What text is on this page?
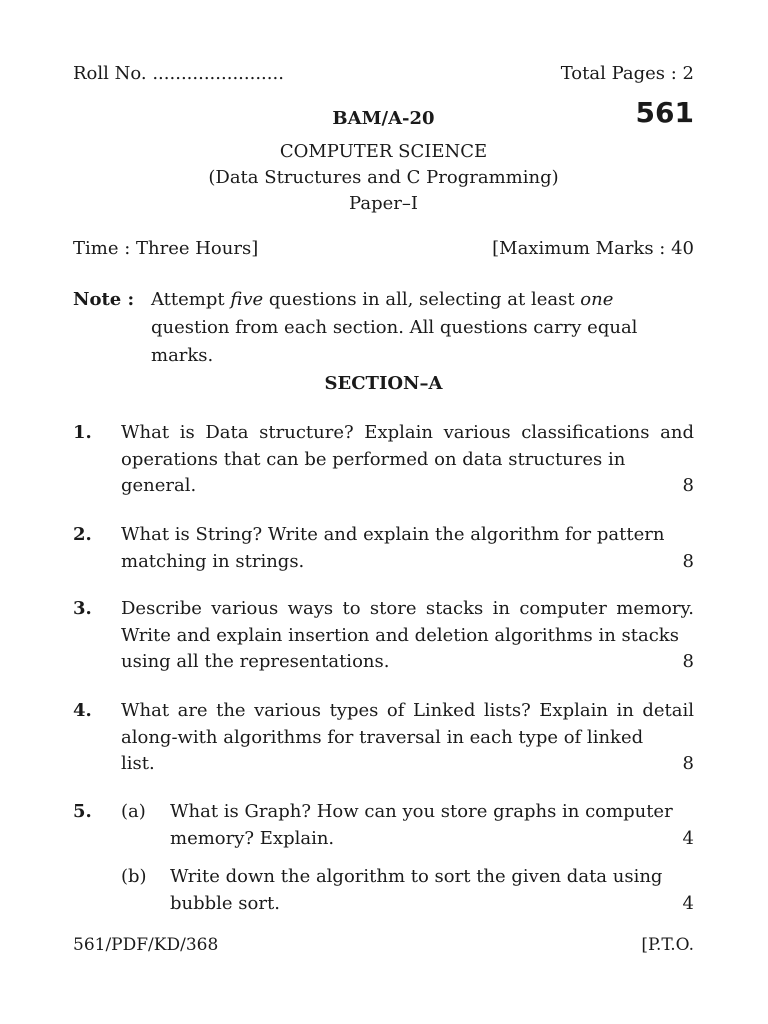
Roll No. .......................	Total Pages : 2
BAM/A-20	561
COMPUTER SCIENCE
(Data Structures and C Programming)
Paper–I
Time : Three Hours]	[Maximum Marks : 40
Note : Attempt five questions in all, selecting at least one question from each section. All questions carry equal marks.
SECTION–A
1.	What is Data structure? Explain various classifications and operations that can be performed on data structures in
general.	8
2.	What is String? Write and explain the algorithm for pattern
matching in strings.	8
3.	Describe various ways to store stacks in computer memory. Write and explain insertion and deletion algorithms in stacks
using all the representations.	8
4.	What are the various types of Linked lists? Explain in detail along-with algorithms for traversal in each type of linked
list.	8
5.	(a)	What is Graph? How can you store graphs in computer
memory? Explain.	4
(b)	Write down the algorithm to sort the given data using
bubble sort.	4
561/PDF/KD/368	[P.T.O.
